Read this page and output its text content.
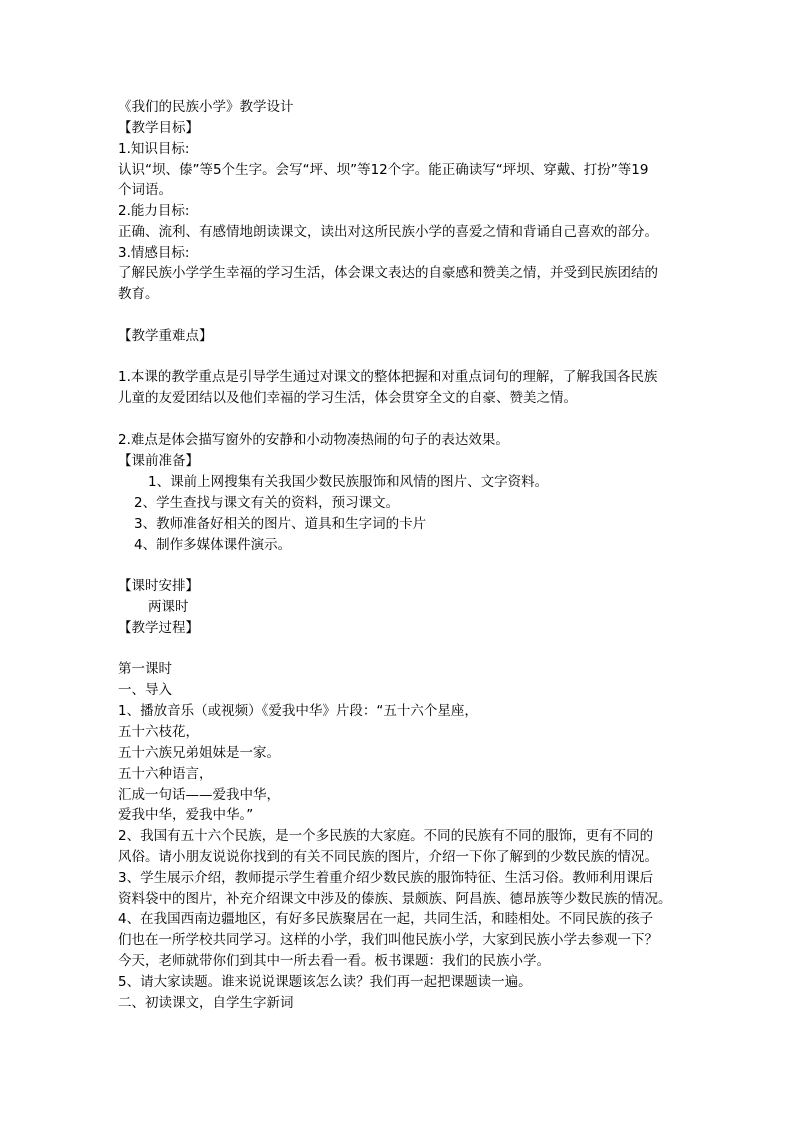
《我们的民族小学》教学设计
【教学目标】
1.知识目标:
认识“坝、傣”等5个生字。会写“坪、坝”等12个字。能正确读写“坪坝、穿戴、打扮”等19
个词语。
2.能力目标:
正确、流利、有感情地朗读课文，读出对这所民族小学的喜爱之情和背诵自己喜欢的部分。
3.情感目标:
了解民族小学学生幸福的学习生活，体会课文表达的自豪感和赞美之情，并受到民族团结的
教育。
【教学重难点】
1.本课的教学重点是引导学生通过对课文的整体把握和对重点词句的理解，了解我国各民族
儿童的友爱团结以及他们幸福的学习生活，体会贯穿全文的自豪、赞美之情。
2.难点是体会描写窗外的安静和小动物凑热闹的句子的表达效果。
【课前准备】
1、课前上网搜集有关我国少数民族服饰和风情的图片、文字资料。
2、学生查找与课文有关的资料，预习课文。
3、教师准备好相关的图片、道具和生字词的卡片
4、制作多媒体课件演示。
【课时安排】
两课时
【教学过程】
第一课时
一、导入
1、播放音乐（或视频）《爱我中华》片段：“五十六个星座，
五十六枝花，
五十六族兄弟姐妹是一家。
五十六种语言，
汇成一句话——爱我中华，
爱我中华，爱我中华。”
2、我国有五十六个民族，是一个多民族的大家庭。不同的民族有不同的服饰，更有不同的
风俗。请小朋友说说你找到的有关不同民族的图片，介绍一下你了解到的少数民族的情况。
3、学生展示介绍，教师提示学生着重介绍少数民族的服饰特征、生活习俗。教师利用课后
资料袋中的图片，补充介绍课文中涉及的傣族、景颇族、阿昌族、德昂族等少数民族的情况。
4、在我国西南边疆地区，有好多民族聚居在一起，共同生活，和睦相处。不同民族的孩子
们也在一所学校共同学习。这样的小学，我们叫他民族小学，大家到民族小学去参观一下？
今天，老师就带你们到其中一所去看一看。板书课题：我们的民族小学。
5、请大家读题。谁来说说课题该怎么读？我们再一起把课题读一遍。
二、初读课文，自学生字新词
